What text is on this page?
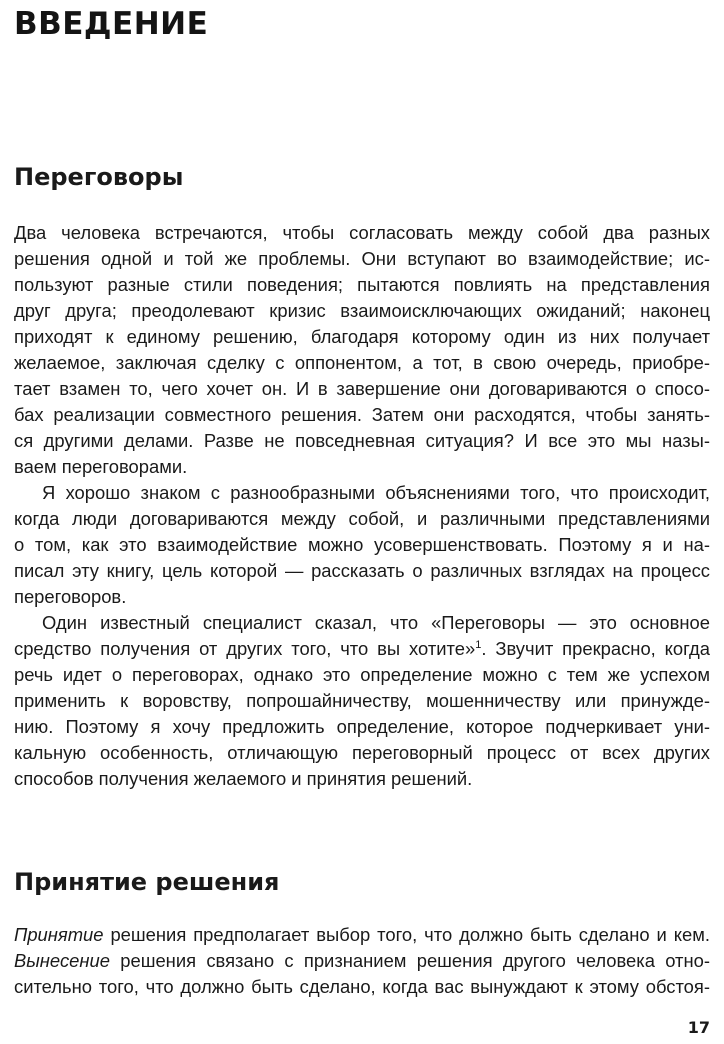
ВВЕДЕНИЕ
Переговоры
Два человека встречаются, чтобы согласовать между собой два разных
решения одной и той же проблемы. Они вступают во взаимодействие; ис-
пользуют разные стили поведения; пытаются повлиять на представления
друг друга; преодолевают кризис взаимоисключающих ожиданий; наконец
приходят к единому решению, благодаря которому один из них получает
желаемое, заключая сделку с оппонентом, а тот, в свою очередь, приобре-
тает взамен то, чего хочет он. И в завершение они договариваются о спосо-
бах реализации совместного решения. Затем они расходятся, чтобы занять-
ся другими делами. Разве не повседневная ситуация? И все это мы назы-
ваем переговорами.
Я хорошо знаком с разнообразными объяснениями того, что происходит,
когда люди договариваются между собой, и различными представлениями
о том, как это взаимодействие можно усовершенствовать. Поэтому я и на-
писал эту книгу, цель которой — рассказать о различных взглядах на процесс
переговоров.
Один известный специалист сказал, что «Переговоры — это основное
средство получения от других того, что вы хотите»$^1$. Звучит прекрасно, когда
речь идет о переговорах, однако это определение можно с тем же успехом
применить к воровству, попрошайничеству, мошенничеству или принужде-
нию. Поэтому я хочу предложить определение, которое подчеркивает уни-
кальную особенность, отличающую переговорный процесс от всех других
способов получения желаемого и принятия решений.
Принятие решения
Принятие решения предполагает выбор того, что должно быть сделано и кем.
Вынесение решения связано с признанием решения другого человека отно-
сительно того, что должно быть сделано, когда вас вынуждают к этому обстоя-

17
